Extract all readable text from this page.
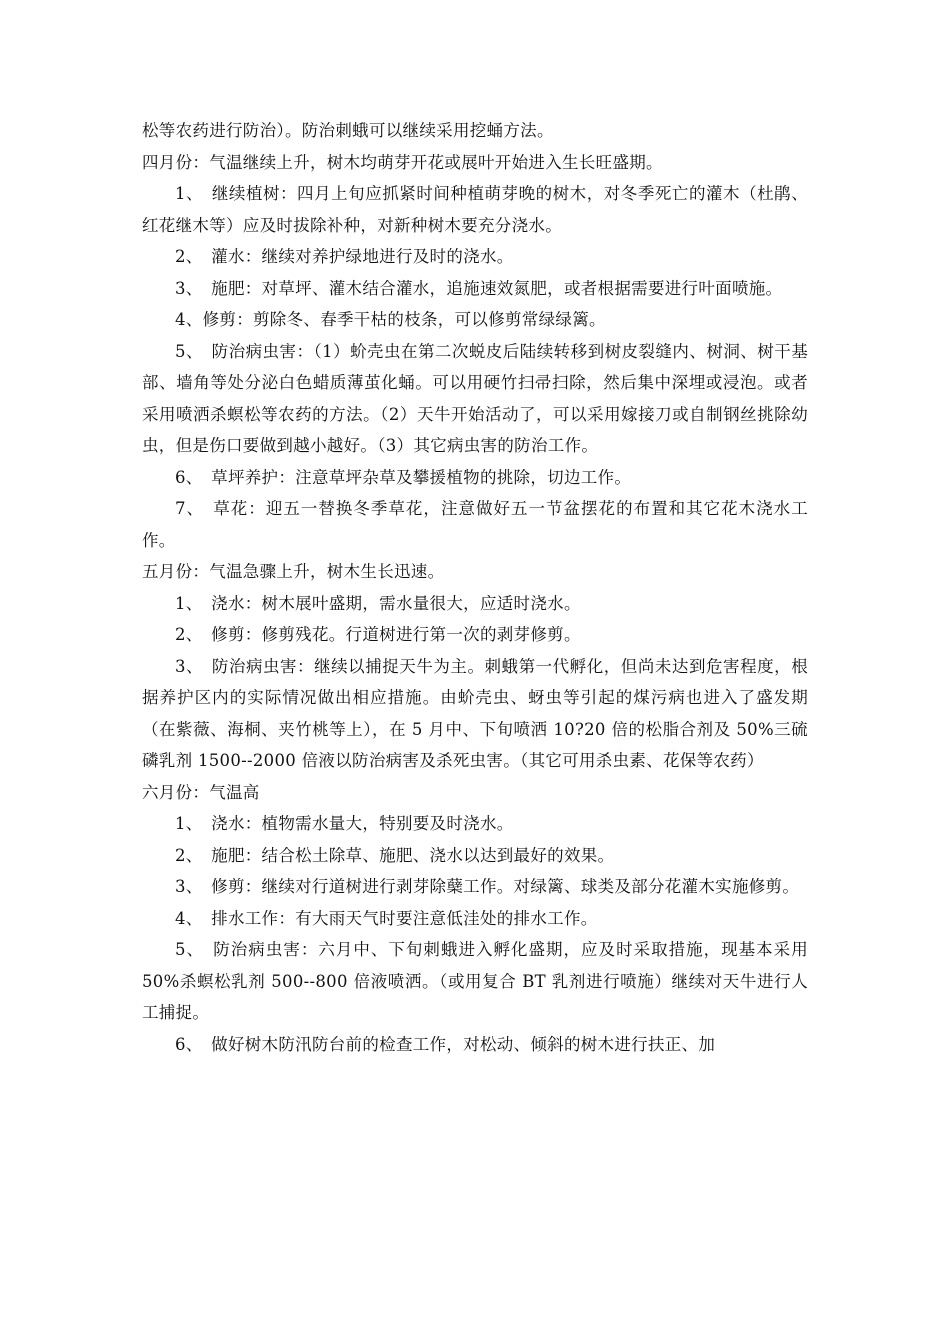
松等农药进行防治）。防治刺蛾可以继续采用挖蛹方法。

四月份：气温继续上升，树木均萌芽开花或展叶开始进入生长旺盛期。

1、　继续植树：四月上旬应抓紧时间种植萌芽晚的树木，对冬季死亡的灌木（杜鹃、红花继木等）应及时拔除补种，对新种树木要充分浇水。

2、　灌水：继续对养护绿地进行及时的浇水。

3、　施肥：对草坪、灌木结合灌水，追施速效氮肥，或者根据需要进行叶面喷施。

4、修剪：剪除冬、春季干枯的枝条，可以修剪常绿绿篱。

5、　防治病虫害：（1）蚧壳虫在第二次蜕皮后陆续转移到树皮裂缝内、树洞、树干基部、墙角等处分泌白色蜡质薄茧化蛹。可以用硬竹扫帚扫除，然后集中深埋或浸泡。或者采用喷洒杀螟松等农药的方法。（2）天牛开始活动了，可以采用嫁接刀或自制钢丝挑除幼虫，但是伤口要做到越小越好。（3）其它病虫害的防治工作。

6、　草坪养护：注意草坪杂草及攀援植物的挑除，切边工作。

7、　草花：迎五一替换冬季草花，注意做好五一节盆摆花的布置和其它花木浇水工作。

五月份：气温急骤上升，树木生长迅速。

1、　浇水：树木展叶盛期，需水量很大，应适时浇水。

2、　修剪：修剪残花。行道树进行第一次的剥芽修剪。

3、　防治病虫害：继续以捕捉天牛为主。刺蛾第一代孵化，但尚未达到危害程度，根据养护区内的实际情况做出相应措施。由蚧壳虫、蚜虫等引起的煤污病也进入了盛发期（在紫薇、海桐、夹竹桃等上），在 5 月中、下旬喷洒 10?20 倍的松脂合剂及 50%三硫磷乳剂 1500--2000 倍液以防治病害及杀死虫害。（其它可用杀虫素、花保等农药）

六月份：气温高

1、　浇水：植物需水量大，特别要及时浇水。

2、　施肥：结合松土除草、施肥、浇水以达到最好的效果。

3、　修剪：继续对行道树进行剥芽除蘖工作。对绿篱、球类及部分花灌木实施修剪。

4、　排水工作：有大雨天气时要注意低洼处的排水工作。

5、　防治病虫害：六月中、下旬刺蛾进入孵化盛期，应及时采取措施，现基本采用 50%杀螟松乳剂 500--800 倍液喷洒。（或用复合 BT 乳剂进行喷施）继续对天牛进行人工捕捉。

6、　做好树木防汛防台前的检查工作，对松动、倾斜的树木进行扶正、加
